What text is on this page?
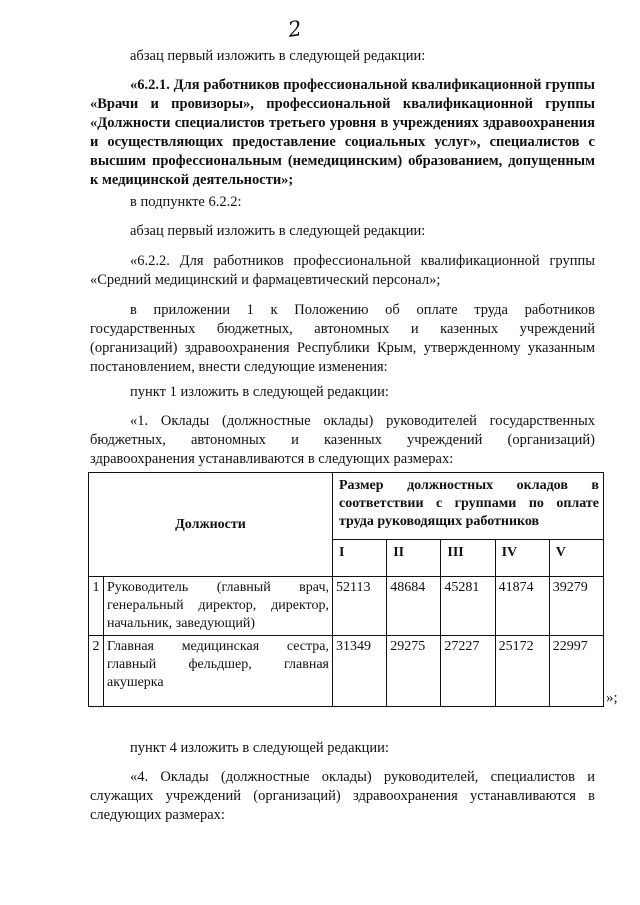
2

абзац первый изложить в следующей редакции:

«6.2.1. Для работников профессиональной квалификационной группы «Врачи и провизоры», профессиональной квалификационной группы «Должности специалистов третьего уровня в учреждениях здравоохранения и осуществляющих предоставление социальных услуг», специалистов с высшим профессиональным (немедицинским) образованием, допущенным к медицинской деятельности»;

в подпункте 6.2.2:

абзац первый изложить в следующей редакции:

«6.2.2. Для работников профессиональной квалификационной группы «Средний медицинский и фармацевтический персонал»;

в приложении 1 к Положению об оплате труда работников государственных бюджетных, автономных и казенных учреждений (организаций) здравоохранения Республики Крым, утвержденному указанным постановлением, внести следующие изменения:

пункт 1 изложить в следующей редакции:

«1. Оклады (должностные оклады) руководителей государственных бюджетных, автономных и казенных учреждений (организаций) здравоохранения устанавливаются в следующих размерах:

Должности		Размер должностных окладов в соответствии с группами по оплате труда руководящих работников				
		I	II	III	IV	V
1	Руководитель (главный врач, генеральный директор, директор, начальник, заведующий)	52113	48684	45281	41874	39279
2	Главная медицинская сестра, главный фельдшер, главная акушерка	31349	29275	27227	25172	22997
»;

пункт 4 изложить в следующей редакции:

«4. Оклады (должностные оклады) руководителей, специалистов и служащих учреждений (организаций) здравоохранения устанавливаются в следующих размерах:
